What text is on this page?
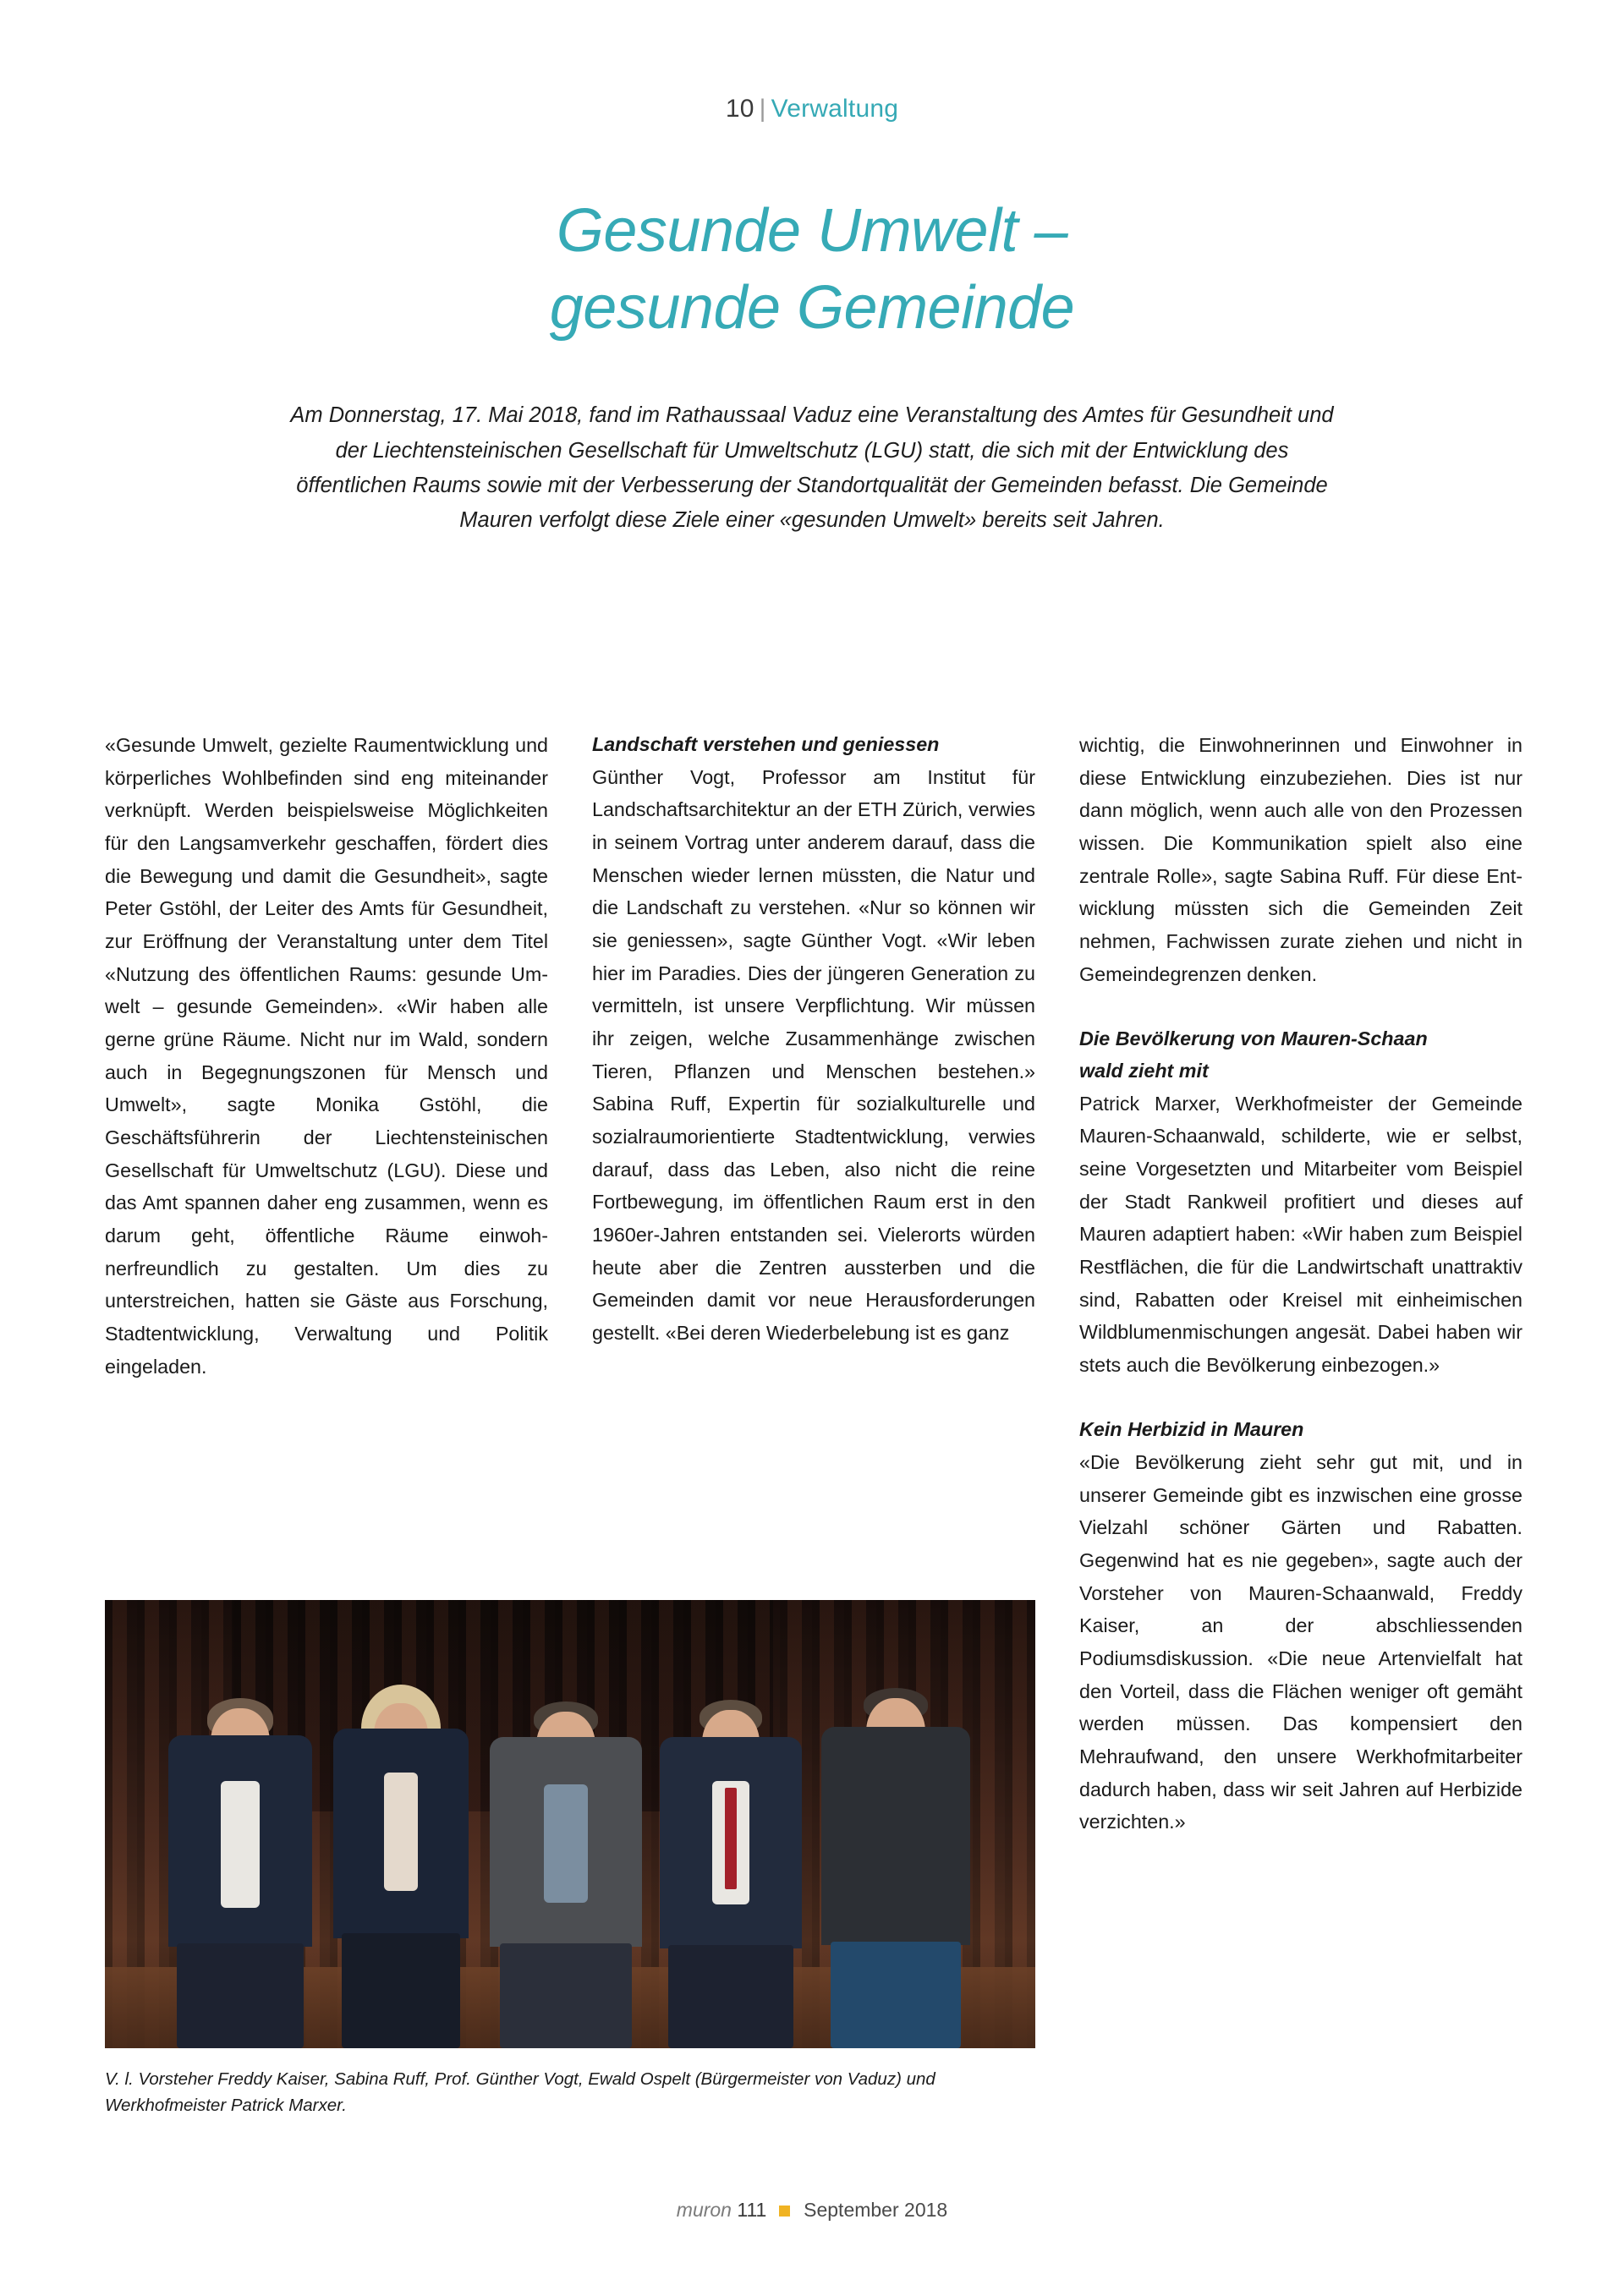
10 | Verwaltung
Gesunde Umwelt –
gesunde Gemeinde
Am Donnerstag, 17. Mai 2018, fand im Rathaussaal Vaduz eine Veranstaltung des Amtes für Gesundheit und der Liechtensteinischen Gesellschaft für Umweltschutz (LGU) statt, die sich mit der Entwicklung des öffentlichen Raums sowie mit der Verbesserung der Standortqualität der Gemeinden befasst. Die Gemeinde Mauren verfolgt diese Ziele einer «gesunden Umwelt» bereits seit Jahren.

«Gesunde Umwelt, gezielte Raumentwicklung und körperliches Wohlbefinden sind eng miteinander verknüpft. Werden beispielsweise Möglichkeiten für den Langsamverkehr geschaffen, fördert dies die Bewegung und damit die Gesundheit», sagte Peter Gstöhl, der Leiter des Amts für Gesundheit, zur Eröffnung der Veranstaltung unter dem Titel «Nutzung des öffentlichen Raums: gesunde Umwelt – gesunde Gemeinden». «Wir haben alle gerne grüne Räume. Nicht nur im Wald, sondern auch in Begegnungszonen für Mensch und Umwelt», sagte Monika Gstöhl, die Geschäftsführerin der Liechtensteinischen Gesellschaft für Umweltschutz (LGU). Diese und das Amt spannen daher eng zusammen, wenn es darum geht, öffentliche Räume einwohnerfreundlich zu gestalten. Um dies zu unterstreichen, hatten sie Gäste aus Forschung, Stadtentwicklung, Verwaltung und Politik eingeladen.

Landschaft verstehen und geniessen

Günther Vogt, Professor am Institut für Landschaftsarchitektur an der ETH Zürich, verwies in seinem Vortrag unter anderem darauf, dass die Menschen wieder lernen müssten, die Natur und die Landschaft zu verstehen. «Nur so können wir sie geniessen», sagte Günther Vogt. «Wir leben hier im Paradies. Dies der jüngeren Generation zu vermitteln, ist unsere Verpflichtung. Wir müssen ihr zeigen, welche Zusammenhänge zwischen Tieren, Pflanzen und Menschen bestehen.» Sabina Ruff, Expertin für sozialkulturelle und sozialraumorientierte Stadtentwicklung, verwies darauf, dass das Leben, also nicht die reine Fortbewegung, im öffentlichen Raum erst in den 1960er-Jahren entstanden sei. Vielerorts würden heute aber die Zentren aussterben und die Gemeinden damit vor neue Herausforderungen gestellt. «Bei deren Wiederbelebung ist es ganz

wichtig, die Einwohnerinnen und Einwohner in diese Entwicklung einzubeziehen. Dies ist nur dann möglich, wenn auch alle von den Prozessen wissen. Die Kommunikation spielt also eine zentrale Rolle», sagte Sabina Ruff. Für diese Entwicklung müssten sich die Gemeinden Zeit nehmen, Fachwissen zurate ziehen und nicht in Gemeindegrenzen denken.

Die Bevölkerung von Mauren-Schaan
wald zieht mit

Patrick Marxer, Werkhofmeister der Gemeinde Mauren-Schaanwald, schilderte, wie er selbst, seine Vorgesetzten und Mitarbeiter vom Beispiel der Stadt Rankweil profitiert und dieses auf Mauren adaptiert haben: «Wir haben zum Beispiel Restflächen, die für die Landwirtschaft unattraktiv sind, Rabatten oder Kreisel mit einheimischen Wildblumenmischungen angesät. Dabei haben wir stets auch die Bevölkerung einbezogen.»

Kein Herbizid in Mauren

«Die Bevölkerung zieht sehr gut mit, und in unserer Gemeinde gibt es inzwischen eine grosse Vielzahl schöner Gärten und Rabatten. Gegenwind hat es nie gegeben», sagte auch der Vorsteher von Mauren-Schaanwald, Freddy Kaiser, an der abschliessenden Podiumsdiskussion. «Die neue Artenvielfalt hat den Vorteil, dass die Flächen weniger oft gemäht werden müssen. Das kompensiert den Mehraufwand, den unsere Werkhofmitarbeiter dadurch haben, dass wir seit Jahren auf Herbizide verzichten.»

V. l. Vorsteher Freddy Kaiser, Sabina Ruff, Prof. Günther Vogt, Ewald Ospelt (Bürgermeister von Vaduz) und Werkhofmeister Patrick Marxer.
muron 111 September 2018
